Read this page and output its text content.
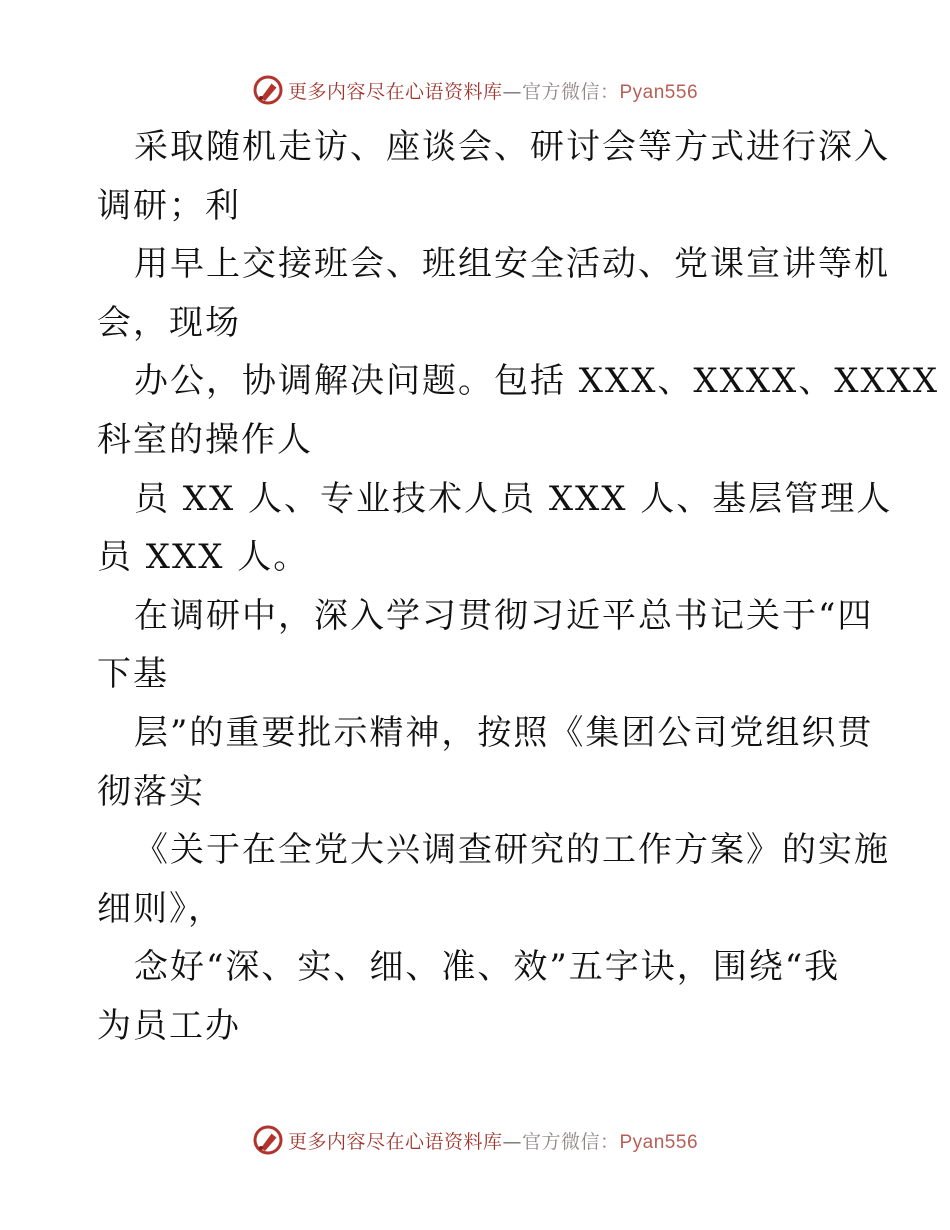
更多内容尽在心语资料库—官方微信：Pyan556
采取随机走访、座谈会、研讨会等方式进行深入
调研；利
用早上交接班会、班组安全活动、党课宣讲等机
会，现场
办公，协调解决问题。包括 XXX、XXXX、XXXX
科室的操作人
员 XX 人、专业技术人员 XXX 人、基层管理人
员 XXX 人。
在调研中，深入学习贯彻习近平总书记关于“四
下基
层”的重要批示精神，按照《集团公司党组织贯
彻落实
《关于在全党大兴调查研究的工作方案》的实施
细则》，
念好“深、实、细、准、效”五字诀，围绕“我
为员工办
更多内容尽在心语资料库—官方微信：Pyan556
